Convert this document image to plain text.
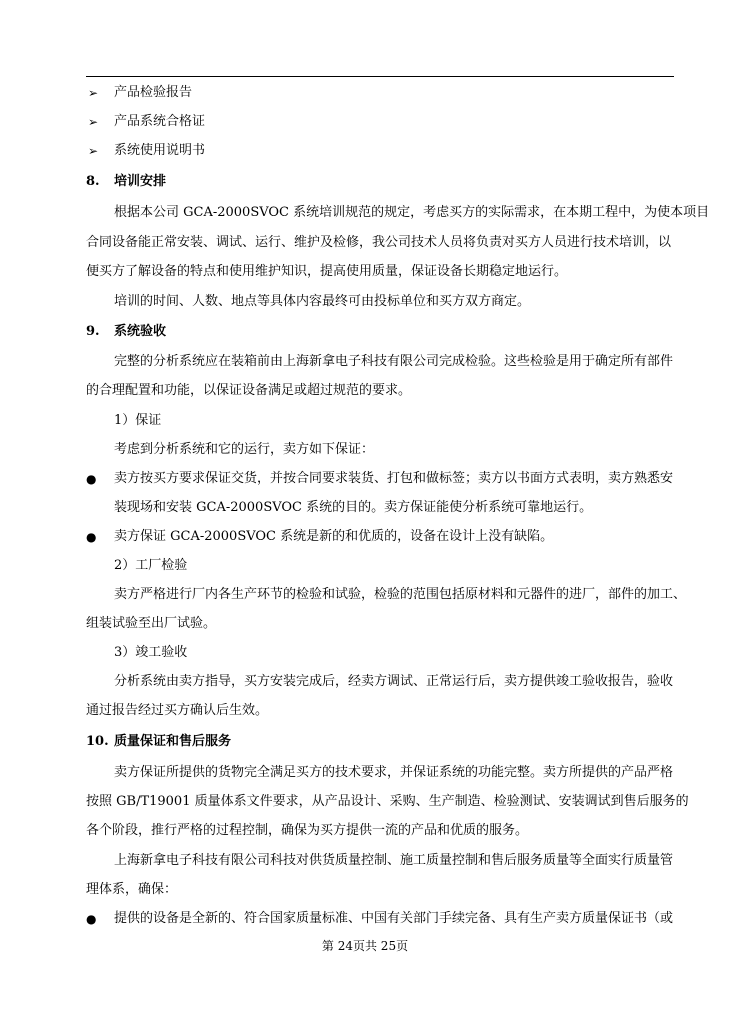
➢ 产品检验报告
➢ 产品系统合格证
➢ 系统使用说明书
8. 培训安排
根据本公司 GCA-2000SVOC 系统培训规范的规定，考虑买方的实际需求，在本期工程中，为使本项目
合同设备能正常安装、调试、运行、维护及检修，我公司技术人员将负责对买方人员进行技术培训，以
便买方了解设备的特点和使用维护知识，提高使用质量，保证设备长期稳定地运行。
培训的时间、人数、地点等具体内容最终可由投标单位和买方双方商定。
9. 系统验收
完整的分析系统应在装箱前由上海新拿电子科技有限公司完成检验。这些检验是用于确定所有部件
的合理配置和功能，以保证设备满足或超过规范的要求。
1）保证
考虑到分析系统和它的运行，卖方如下保证：
● 卖方按买方要求保证交货，并按合同要求装货、打包和做标签；卖方以书面方式表明，卖方熟悉安
装现场和安装 GCA-2000SVOC 系统的目的。卖方保证能使分析系统可靠地运行。
● 卖方保证 GCA-2000SVOC 系统是新的和优质的，设备在设计上没有缺陷。
2）工厂检验
卖方严格进行厂内各生产环节的检验和试验，检验的范围包括原材料和元器件的进厂，部件的加工、
组装试验至出厂试验。
3）竣工验收
分析系统由卖方指导，买方安装完成后，经卖方调试、正常运行后，卖方提供竣工验收报告，验收
通过报告经过买方确认后生效。
10. 质量保证和售后服务
卖方保证所提供的货物完全满足买方的技术要求，并保证系统的功能完整。卖方所提供的产品严格
按照 GB/T19001 质量体系文件要求，从产品设计、采购、生产制造、检验测试、安装调试到售后服务的
各个阶段，推行严格的过程控制，确保为买方提供一流的产品和优质的服务。
上海新拿电子科技有限公司科技对供货质量控制、施工质量控制和售后服务质量等全面实行质量管
理体系，确保：
● 提供的设备是全新的、符合国家质量标准、中国有关部门手续完备、具有生产卖方质量保证书（或
第 24页共 25页
